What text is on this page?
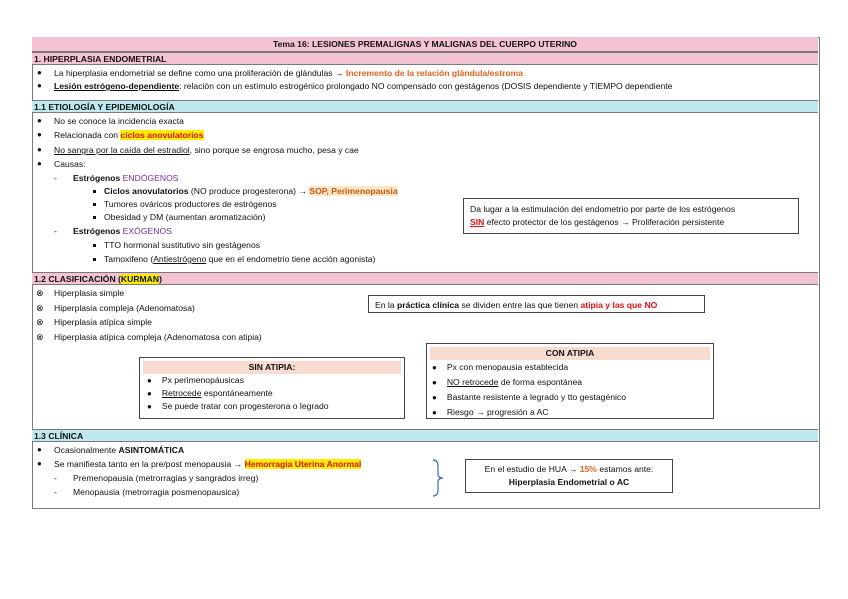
Tema 16: LESIONES PREMALIGNAS Y MALIGNAS DEL CUERPO UTERINO
1. HIPERPLASIA ENDOMETRIAL
● La hiperplasia endometrial se define como una proliferación de glándulas → Incremento de la relación glándula/estroma
● Lesión estrógeno-dependiente: relación con un estímulo estrogénico prolongado NO compensado con gestágenos (DOSIS dependiente y TIEMPO dependiente
1.1 ETIOLOGÍA Y EPIDEMIOLOGÍA
● No se conoce la incidencia exacta
● Relacionada con ciclos anovulatorios
● No sangra por la caída del estradiol, sino porque se engrosa mucho, pesa y cae
● Causas:
- Estrógenos ENDÓGENOS
Ciclos anovulatorios (NO produce progesterona) → SOP, Perimenopausia
Tumores ováricos productores de estrógenos
Obesidad y DM (aumentan aromatización)
- Estrógenos EXÓGENOS
TTO hormonal sustitutivo sin gestágenos
Tamoxifeno (Antiestrógeno que en el endometrio tiene acción agonista)
Da lugar a la estimulación del endometrio por parte de los estrógenos
SIN efecto protector de los gestágenos → Proliferación persistente
1.2 CLASIFICACIÓN (KURMAN)
⊗ Hiperplasia simple
⊗ Hiperplasia compleja (Adenomatosa)
⊗ Hiperplasia atípica simple
⊗ Hiperplasia atípica compleja (Adenomatosa con atipia)
En la práctica clínica se dividen entre las que tienen atipia y las que NO
SIN ATIPIA:
● Px perimenopáusicas
● Retrocede espontáneamente
● Se puede tratar con progesterona o legrado
CON ATIPIA
● Px con menopausia establecida
● NO retrocede de forma espontánea
● Bastante resistente a legrado y tto gestagénico
● Riesgo → progresión a AC
1.3 CLÍNICA
● Ocasionalmente ASINTOMÁTICA
● Se manifiesta tanto en la pre/post menopausia → Hemorragia Uterina Anormal
- Premenopausia (metrorragias y sangrados irreg)
- Menopausia (metrorragia posmenopausica)
En el estudio de HUA → 15% estamos ante:
Hiperplasia Endometrial o AC
